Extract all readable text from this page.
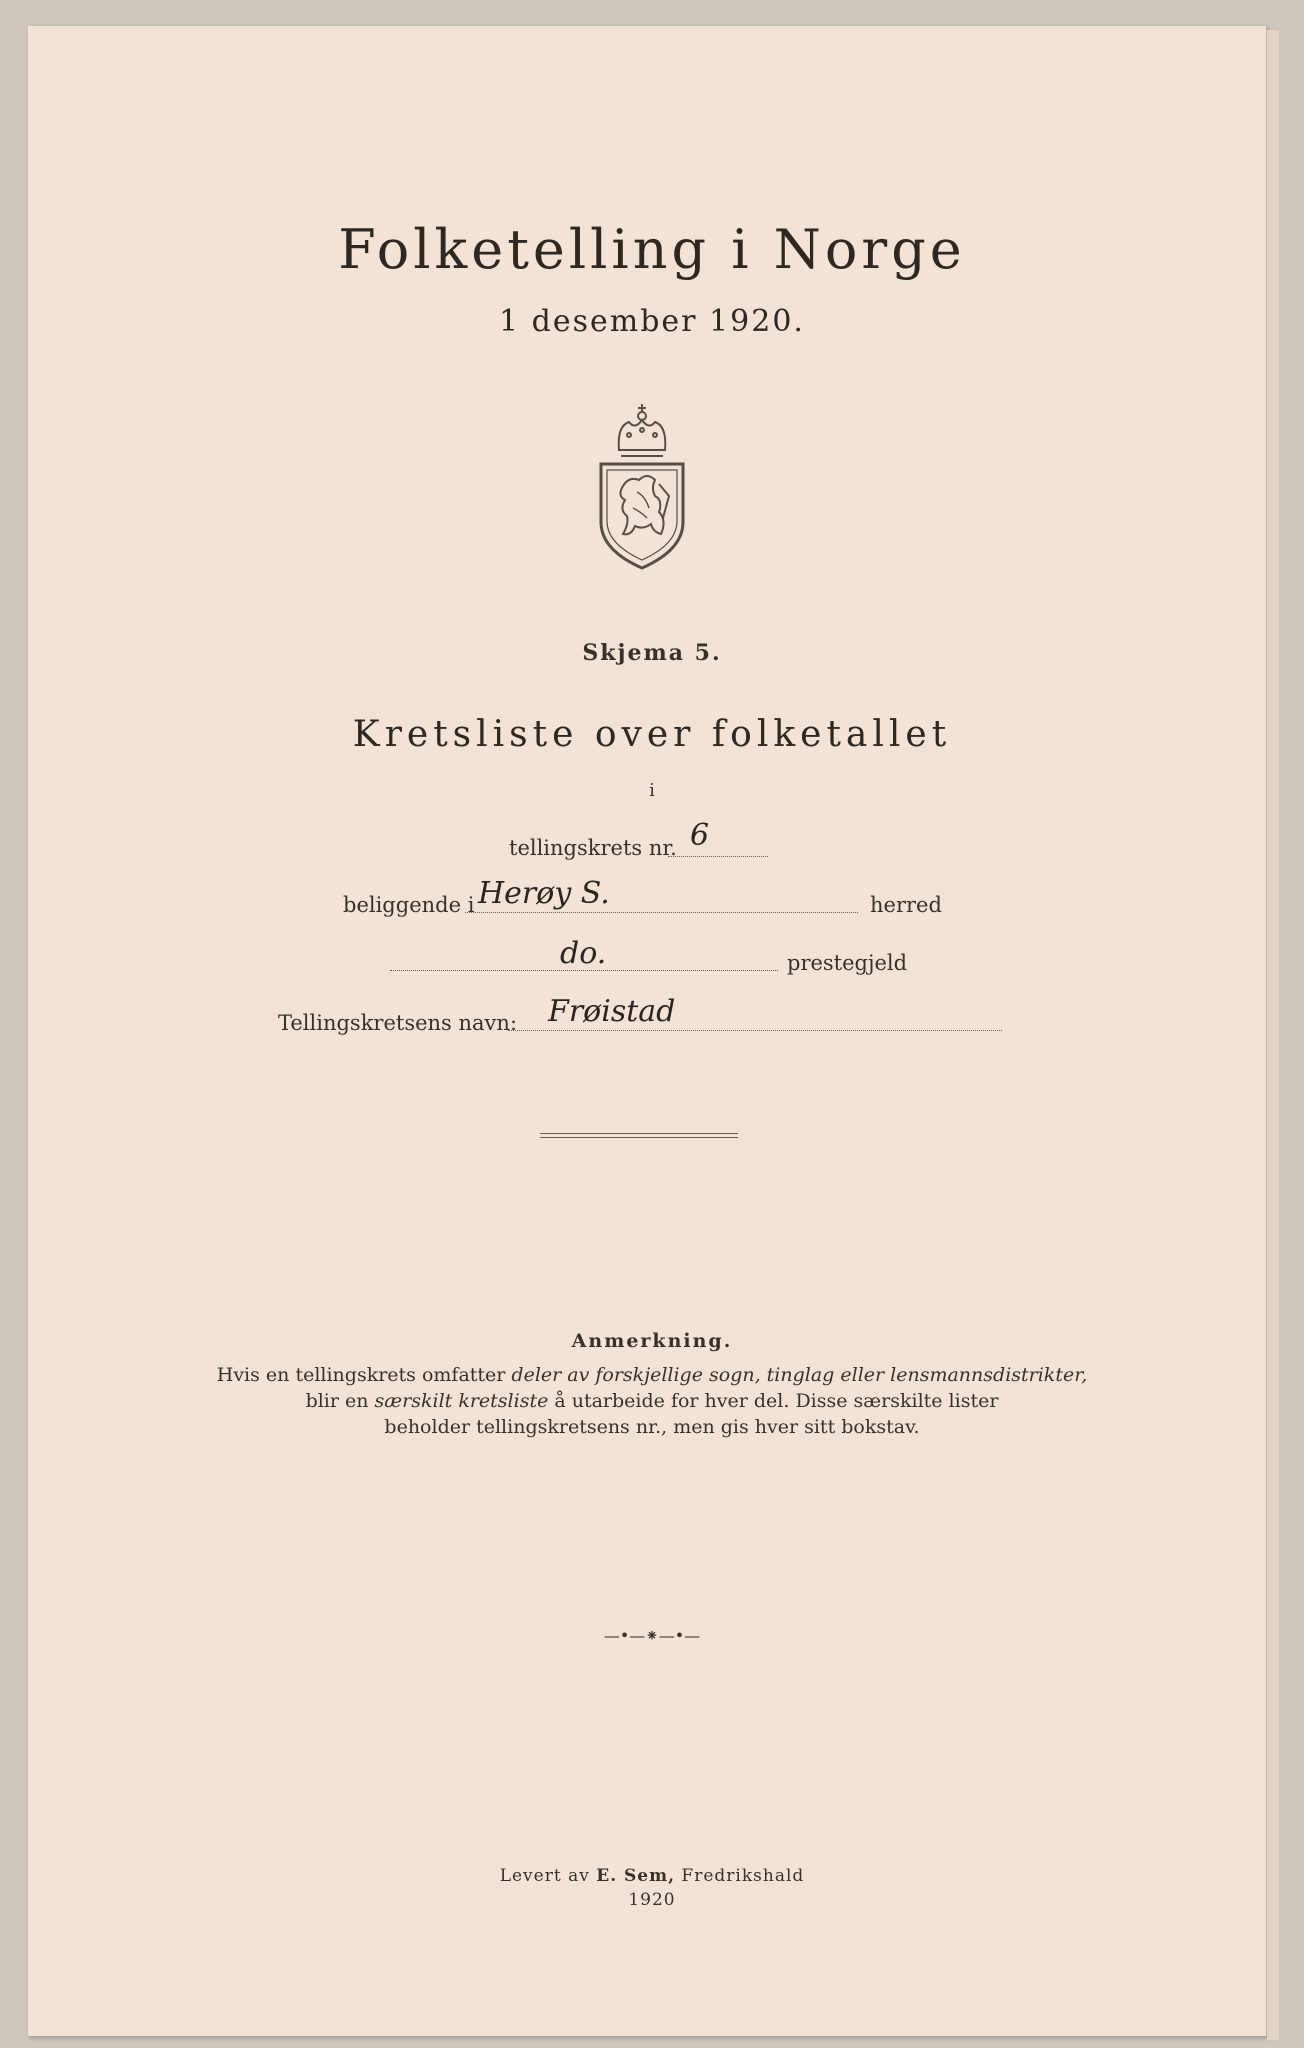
Folketelling i Norge
1 desember 1920.
Skjema 5.
Kretsliste over folketallet
i
tellingskrets nr. 6
beliggende i Herøy S.	herred
do.	prestegjeld
Tellingskretsens navn: Frøistad
Anmerkning.
Hvis en tellingskrets omfatter deler av forskjellige sogn, tinglag eller lensmannsdistrikter,
blir en særskilt kretsliste å utarbeide for hver del. Disse særskilte lister
beholder tellingskretsens nr., men gis hver sitt bokstav.
—•—⁕—•—
Levert av E. Sem, Fredrikshald
1920
